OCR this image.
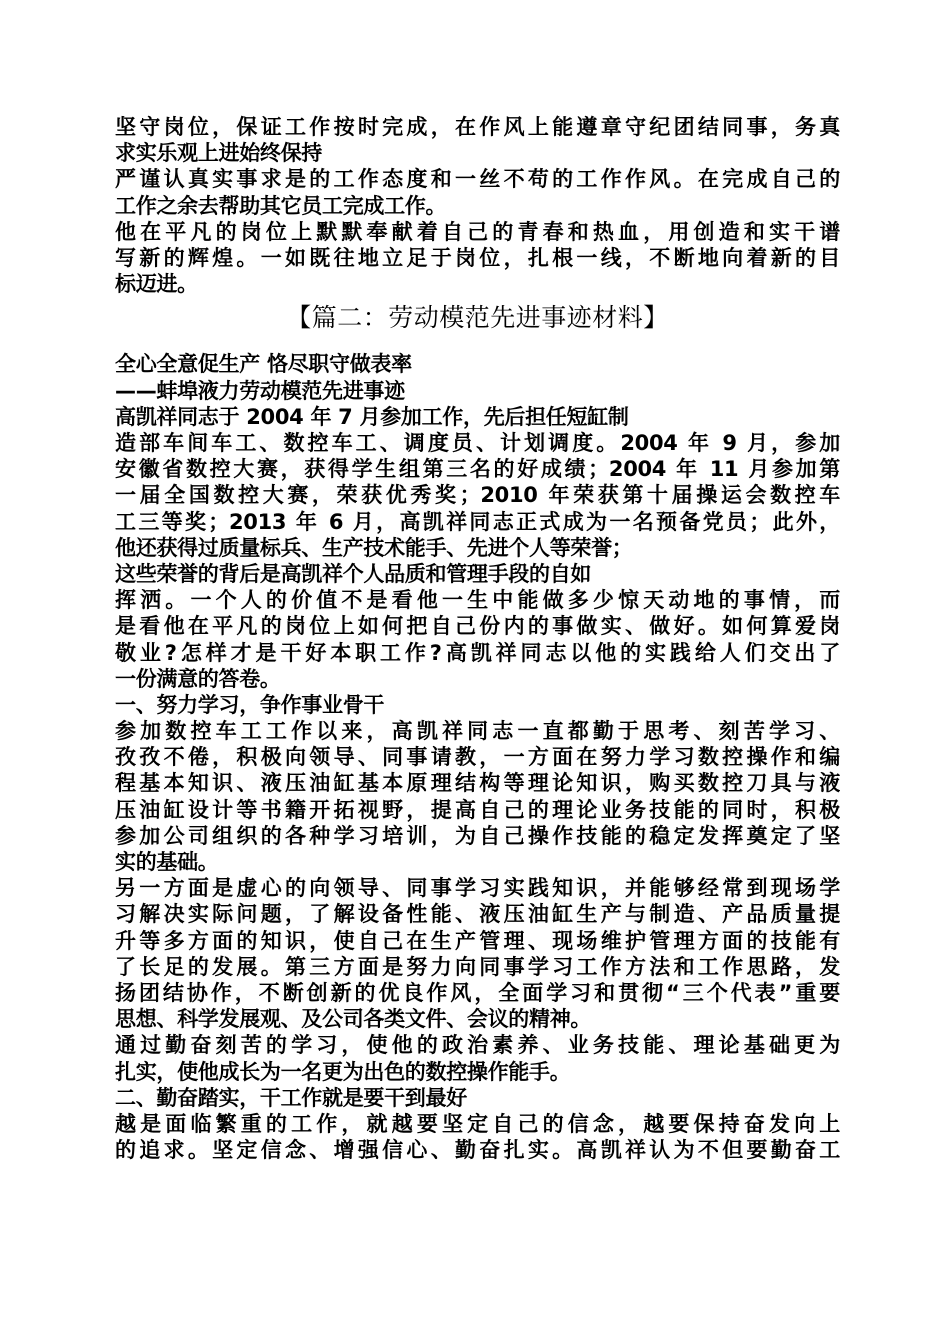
坚守岗位，保证工作按时完成，在作风上能遵章守纪团结同事，务真
求实乐观上进始终保持
严谨认真实事求是的工作态度和一丝不苟的工作作风。在完成自己的
工作之余去帮助其它员工完成工作。
他在平凡的岗位上默默奉献着自己的青春和热血，用创造和实干谱
写新的辉煌。一如既往地立足于岗位，扎根一线，不断地向着新的目
标迈进。
【篇二：劳动模范先进事迹材料】
全心全意促生产 恪尽职守做表率
——蚌埠液力劳动模范先进事迹
高凯祥同志于 2004 年 7 月参加工作，先后担任短缸制
造部车间车工、数控车工、调度员、计划调度。2004 年 9 月，参加
安徽省数控大赛，获得学生组第三名的好成绩；2004 年 11 月参加第
一届全国数控大赛，荣获优秀奖；2010 年荣获第十届操运会数控车
工三等奖；2013 年 6 月，高凯祥同志正式成为一名预备党员；此外，
他还获得过质量标兵、生产技术能手、先进个人等荣誉；
这些荣誉的背后是高凯祥个人品质和管理手段的自如
挥洒。一个人的价值不是看他一生中能做多少惊天动地的事情，而
是看他在平凡的岗位上如何把自己份内的事做实、做好。如何算爱岗
敬业?怎样才是干好本职工作?高凯祥同志以他的实践给人们交出了
一份满意的答卷。
一、努力学习，争作事业骨干
参加数控车工工作以来，高凯祥同志一直都勤于思考、刻苦学习、
孜孜不倦，积极向领导、同事请教，一方面在努力学习数控操作和编
程基本知识、液压油缸基本原理结构等理论知识，购买数控刀具与液
压油缸设计等书籍开拓视野，提高自己的理论业务技能的同时，积极
参加公司组织的各种学习培训，为自己操作技能的稳定发挥奠定了坚
实的基础。
另一方面是虚心的向领导、同事学习实践知识，并能够经常到现场学
习解决实际问题，了解设备性能、液压油缸生产与制造、产品质量提
升等多方面的知识，使自己在生产管理、现场维护管理方面的技能有
了长足的发展。第三方面是努力向同事学习工作方法和工作思路，发
扬团结协作，不断创新的优良作风，全面学习和贯彻“三个代表”重要
思想、科学发展观、及公司各类文件、会议的精神。
通过勤奋刻苦的学习，使他的政治素养、业务技能、理论基础更为
扎实，使他成长为一名更为出色的数控操作能手。
二、勤奋踏实，干工作就是要干到最好
越是面临繁重的工作，就越要坚定自己的信念，越要保持奋发向上
的追求。坚定信念、增强信心、勤奋扎实。高凯祥认为不但要勤奋工
